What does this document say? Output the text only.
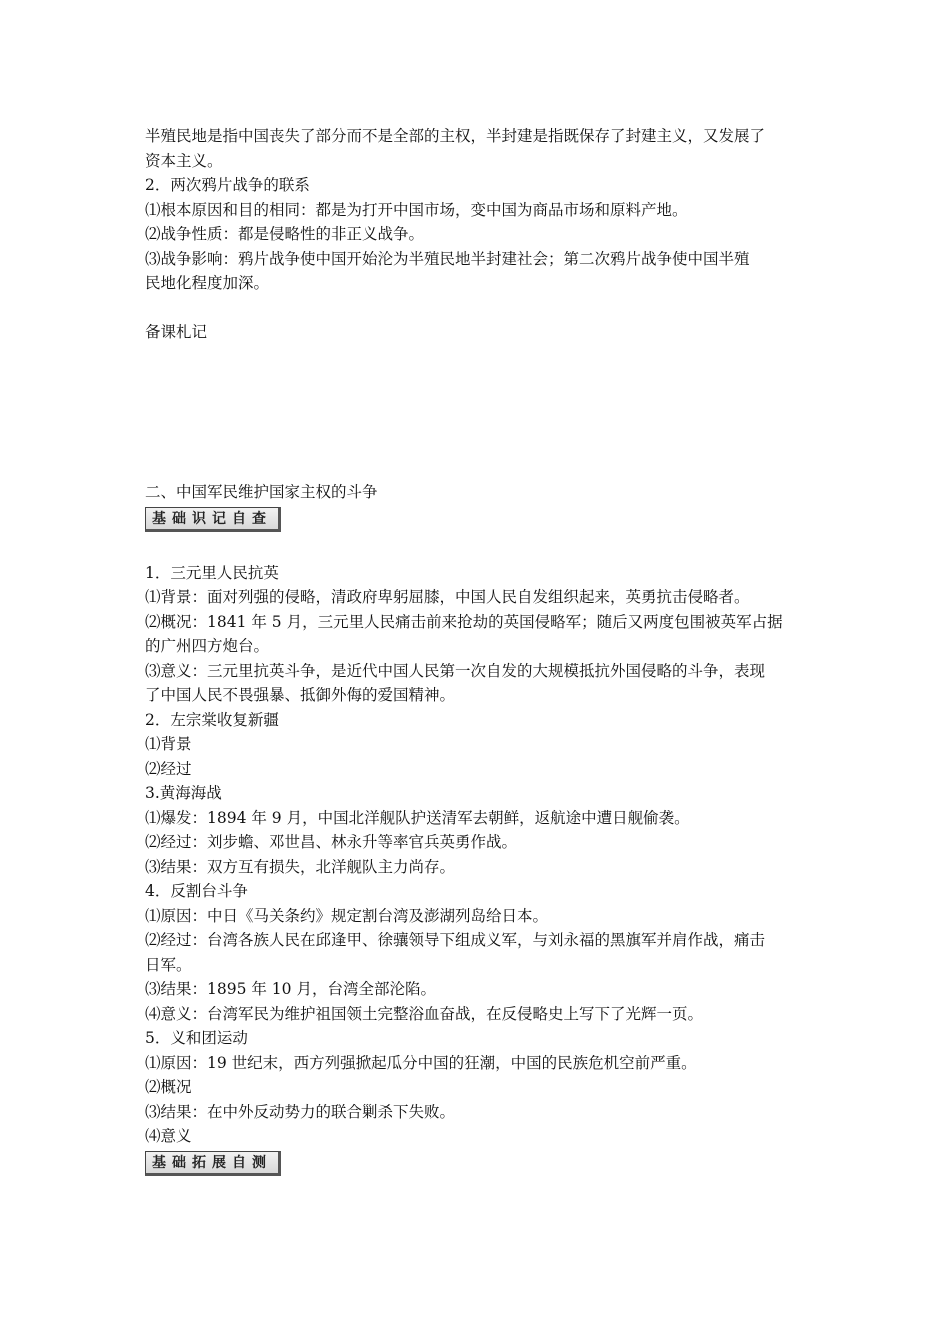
半殖民地是指中国丧失了部分而不是全部的主权，半封建是指既保存了封建主义，又发展了

资本主义。

2．两次鸦片战争的联系

⑴根本原因和目的相同：都是为打开中国市场，变中国为商品市场和原料产地。

⑵战争性质：都是侵略性的非正义战争。

⑶战争影响：鸦片战争使中国开始沦为半殖民地半封建社会；第二次鸦片战争使中国半殖

民地化程度加深。

备课札记

二、中国军民维护国家主权的斗争

基础识记自查

1．三元里人民抗英

⑴背景：面对列强的侵略，清政府卑躬屈膝，中国人民自发组织起来，英勇抗击侵略者。

⑵概况：1841 年 5 月，三元里人民痛击前来抢劫的英国侵略军；随后又两度包围被英军占据

的广州四方炮台。

⑶意义：三元里抗英斗争，是近代中国人民第一次自发的大规模抵抗外国侵略的斗争，表现

了中国人民不畏强暴、抵御外侮的爱国精神。

2．左宗棠收复新疆

⑴背景

⑵经过

3.黄海海战

⑴爆发：1894 年 9 月，中国北洋舰队护送清军去朝鲜，返航途中遭日舰偷袭。

⑵经过：刘步蟾、邓世昌、林永升等率官兵英勇作战。

⑶结果：双方互有损失，北洋舰队主力尚存。

4．反割台斗争

⑴原因：中日《马关条约》规定割台湾及澎湖列岛给日本。

⑵经过：台湾各族人民在邱逢甲、徐骧领导下组成义军，与刘永福的黑旗军并肩作战，痛击

日军。

⑶结果：1895 年 10 月，台湾全部沦陷。

⑷意义：台湾军民为维护祖国领土完整浴血奋战，在反侵略史上写下了光辉一页。

5．义和团运动

⑴原因：19 世纪末，西方列强掀起瓜分中国的狂潮，中国的民族危机空前严重。

⑵概况

⑶结果：在中外反动势力的联合剿杀下失败。

⑷意义

基础拓展自测
